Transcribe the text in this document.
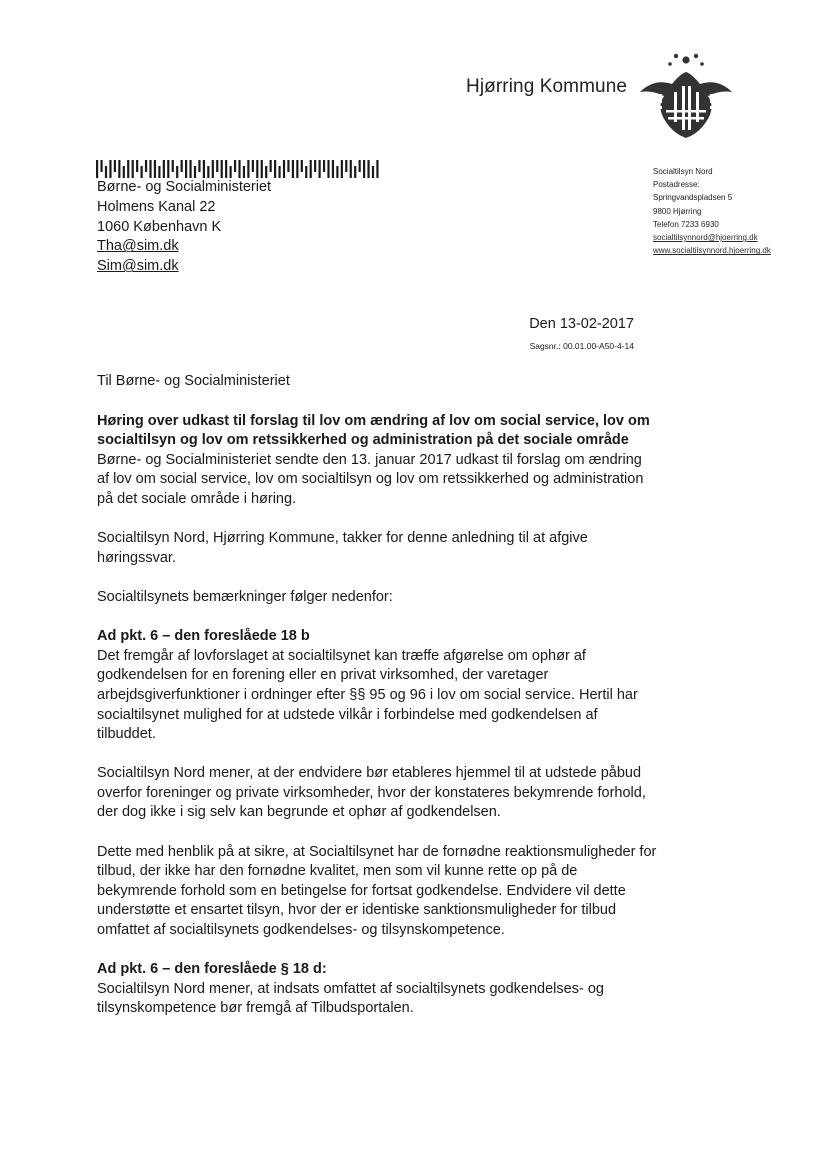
Hjørring Kommune
Børne- og Socialministeriet
Holmens Kanal 22
1060 København K
Tha@sim.dk
Sim@sim.dk
Socialtilsyn Nord
Postadresse:
Springvandspladsen 5
9800 Hjørring
Telefon 7233 6930
socialtilsynnord@hjoerring.dk
www.socialtilsynnord.hjoerring.dk
Den 13-02-2017
Sagsnr.: 00.01.00-A50-4-14

Til Børne- og Socialministeriet

Høring over udkast til forslag til lov om ændring af lov om social service, lov om socialtilsyn og lov om retssikkerhed og administration på det sociale område

Børne- og Socialministeriet sendte den 13. januar 2017 udkast til forslag om ændring af lov om social service, lov om socialtilsyn og lov om retssikkerhed og administration på det sociale område i høring.

Socialtilsyn Nord, Hjørring Kommune, takker for denne anledning til at afgive høringssvar.

Socialtilsynets bemærkninger følger nedenfor:

Ad pkt. 6 – den foreslåede 18 b

Det fremgår af lovforslaget at socialtilsynet kan træffe afgørelse om ophør af godkendelsen for en forening eller en privat virksomhed, der varetager arbejdsgiverfunktioner i ordninger efter §§ 95 og 96 i lov om social service. Hertil har socialtilsynet mulighed for at udstede vilkår i forbindelse med godkendelsen af tilbuddet.

Socialtilsyn Nord mener, at der endvidere bør etableres hjemmel til at udstede påbud overfor foreninger og private virksomheder, hvor der konstateres bekymrende forhold, der dog ikke i sig selv kan begrunde et ophør af godkendelsen.

Dette med henblik på at sikre, at Socialtilsynet har de fornødne reaktionsmuligheder for tilbud, der ikke har den fornødne kvalitet, men som vil kunne rette op på de bekymrende forhold som en betingelse for fortsat godkendelse. Endvidere vil dette understøtte et ensartet tilsyn, hvor der er identiske sanktionsmuligheder for tilbud omfattet af socialtilsynets godkendelses- og tilsynskompetence.

Ad pkt. 6 – den foreslåede § 18 d:

Socialtilsyn Nord mener, at indsats omfattet af socialtilsynets godkendelses- og tilsynskompetence bør fremgå af Tilbudsportalen.
